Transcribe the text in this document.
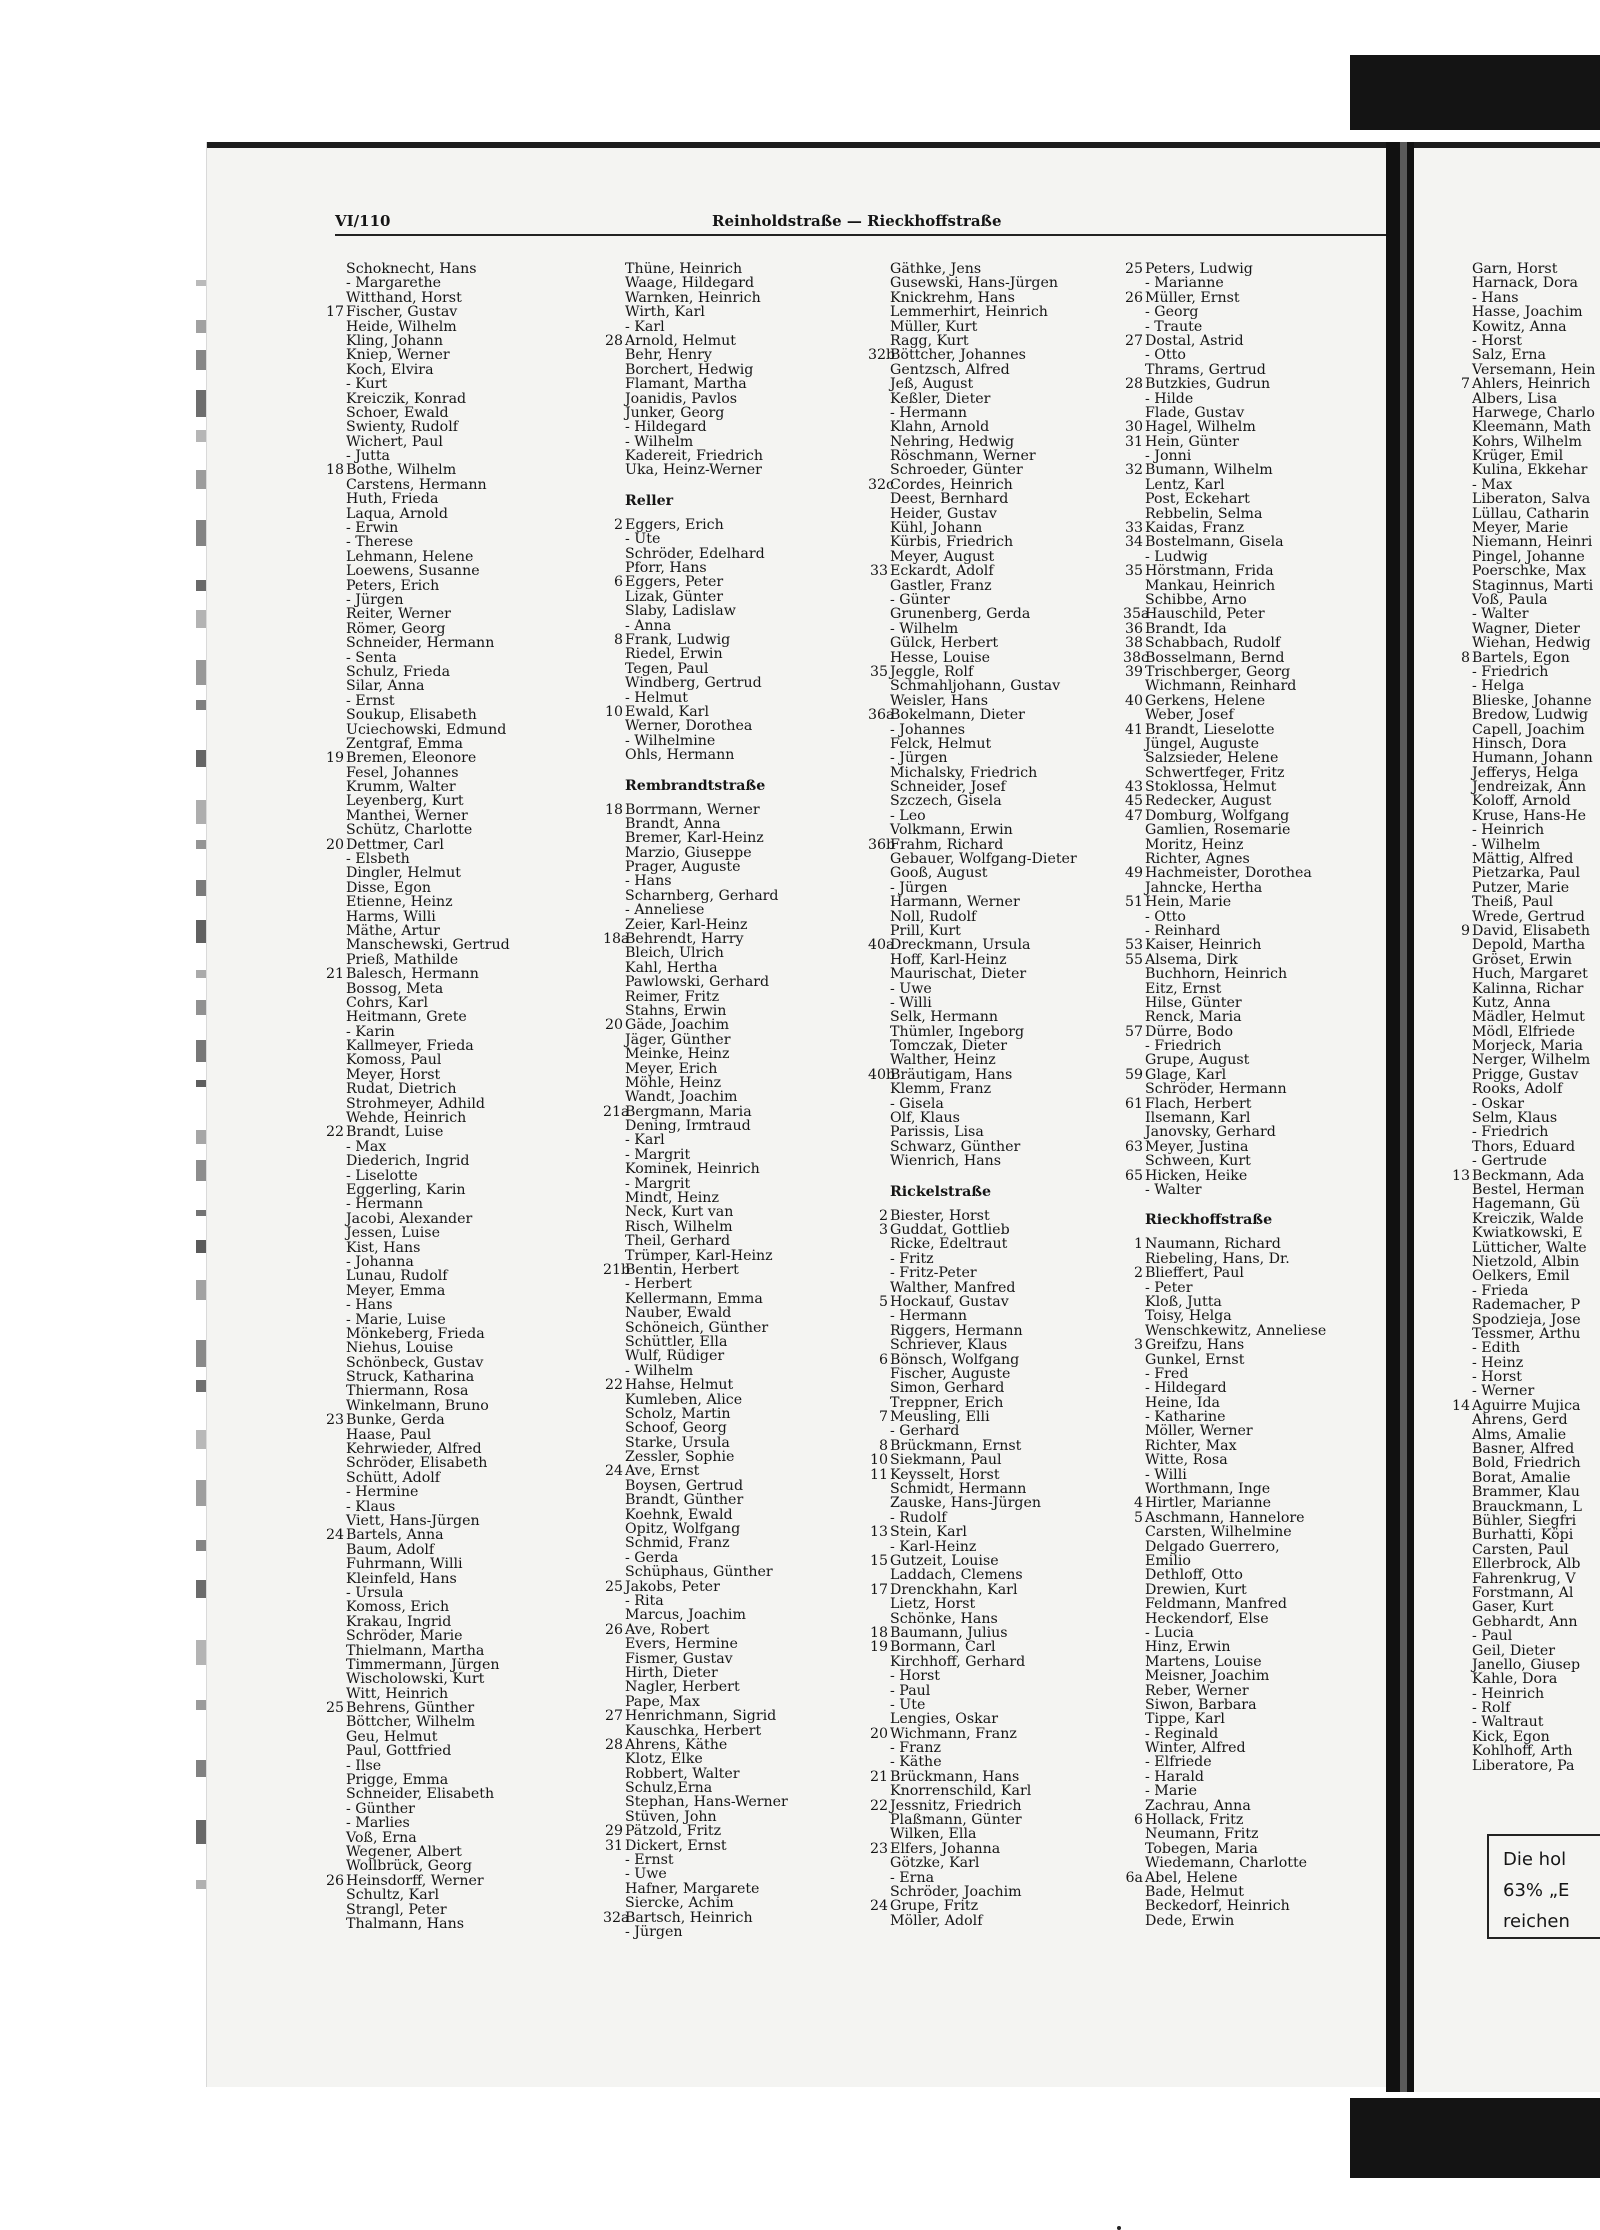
VI/110	Reinholdstraße — Rieckhoffstraße
Schoknecht, Hans
- Margarethe
Witthand, Horst
17 Fischer, Gustav
Heide, Wilhelm
Kling, Johann
Kniep, Werner
Koch, Elvira
- Kurt
Kreiczik, Konrad
Schoer, Ewald
Swienty, Rudolf
Wichert, Paul
- Jutta
18 Bothe, Wilhelm
Carstens, Hermann
Huth, Frieda
Laqua, Arnold
- Erwin
- Therese
Lehmann, Helene
Loewens, Susanne
Peters, Erich
- Jürgen
Reiter, Werner
Römer, Georg
Schneider, Hermann
- Senta
Schulz, Frieda
Silar, Anna
- Ernst
Soukup, Elisabeth
Uciechowski, Edmund
Zentgraf, Emma
19 Bremen, Eleonore
Fesel, Johannes
Krumm, Walter
Leyenberg, Kurt
Manthei, Werner
Schütz, Charlotte
20 Dettmer, Carl
- Elsbeth
Dingler, Helmut
Disse, Egon
Etienne, Heinz
Harms, Willi
Mäthe, Artur
Manschewski, Gertrud
Prieß, Mathilde
21 Balesch, Hermann
Bossog, Meta
Cohrs, Karl
Heitmann, Grete
- Karin
Kallmeyer, Frieda
Komoss, Paul
Meyer, Horst
Rudat, Dietrich
Strohmeyer, Adhild
Wehde, Heinrich
22 Brandt, Luise
- Max
Diederich, Ingrid
- Liselotte
Eggerling, Karin
- Hermann
Jacobi, Alexander
Jessen, Luise
Kist, Hans
- Johanna
Lunau, Rudolf
Meyer, Emma
- Hans
- Marie, Luise
Mönkeberg, Frieda
Niehus, Louise
Schönbeck, Gustav
Struck, Katharina
Thiermann, Rosa
Winkelmann, Bruno
23 Bunke, Gerda
Haase, Paul
Kehrwieder, Alfred
Schröder, Elisabeth
Schütt, Adolf
- Hermine
- Klaus
Viett, Hans-Jürgen
24 Bartels, Anna
Baum, Adolf
Fuhrmann, Willi
Kleinfeld, Hans
- Ursula
Komoss, Erich
Krakau, Ingrid
Schröder, Marie
Thielmann, Martha
Timmermann, Jürgen
Wischolowski, Kurt
Witt, Heinrich
25 Behrens, Günther
Böttcher, Wilhelm
Geu, Helmut
Paul, Gottfried
- Ilse
Prigge, Emma
Schneider, Elisabeth
- Günther
- Marlies
Voß, Erna
Wegener, Albert
Wollbrück, Georg
26 Heinsdorff, Werner
Schultz, Karl
Strangl, Peter
Thalmann, Hans
Thüne, Heinrich
Waage, Hildegard
Warnken, Heinrich
Wirth, Karl
- Karl
28 Arnold, Helmut
Behr, Henry
Borchert, Hedwig
Flamant, Martha
Joanidis, Pavlos
Junker, Georg
- Hildegard
- Wilhelm
Kadereit, Friedrich
Uka, Heinz-Werner
Reller
2 Eggers, Erich
- Ute
Schröder, Edelhard
Pforr, Hans
6 Eggers, Peter
Lizak, Günter
Slaby, Ladislaw
- Anna
8 Frank, Ludwig
Riedel, Erwin
Tegen, Paul
Windberg, Gertrud
- Helmut
10 Ewald, Karl
Werner, Dorothea
- Wilhelmine
Ohls, Hermann
Rembrandtstraße
18 Borrmann, Werner
Brandt, Anna
Bremer, Karl-Heinz
Marzio, Giuseppe
Prager, Auguste
- Hans
Scharnberg, Gerhard
- Anneliese
Zeier, Karl-Heinz
18a
Behrendt, Harry
Bleich, Ulrich
Kahl, Hertha
Pawlowski, Gerhard
Reimer, Fritz
Stahns, Erwin
20 Gäde, Joachim
Jäger, Günther
Meinke, Heinz
Meyer, Erich
Möhle, Heinz
Wandt, Joachim
21a
Bergmann, Maria
Dening, Irmtraud
- Karl
- Margrit
Kominek, Heinrich
- Margrit
Mindt, Heinz
Neck, Kurt van
Risch, Wilhelm
Theil, Gerhard
Trümper, Karl-Heinz
21b
Bentin, Herbert
- Herbert
Kellermann, Emma
Nauber, Ewald
Schöneich, Günther
Schüttler, Ella
Wulf, Rüdiger
- Wilhelm
22 Hahse, Helmut
Kumleben, Alice
Scholz, Martin
Schoof, Georg
Starke, Ursula
Zessler, Sophie
24 Ave, Ernst
Boysen, Gertrud
Brandt, Günther
Koehnk, Ewald
Opitz, Wolfgang
Schmid, Franz
- Gerda
Schüphaus, Günther
25 Jakobs, Peter
- Rita
Marcus, Joachim
26 Ave, Robert
Evers, Hermine
Fismer, Gustav
Hirth, Dieter
Nagler, Herbert
Pape, Max
27 Henrichmann, Sigrid
Kauschka, Herbert
28 Ahrens, Käthe
Klotz, Elke
Robbert, Walter
Schulz,Erna
Stephan, Hans-Werner
Stüven, John
29 Pätzold, Fritz
31 Dickert, Ernst
- Ernst
- Uwe
Hafner, Margarete
Siercke, Achim
32a
Bartsch, Heinrich
- Jürgen
Gäthke, Jens
Gusewski, Hans-Jürgen
Knickrehm, Hans
Lemmerhirt, Heinrich
Müller, Kurt
Ragg, Kurt
32b
Böttcher, Johannes
Gentzsch, Alfred
Jeß, August
Keßler, Dieter
- Hermann
Klahn, Arnold
Nehring, Hedwig
Röschmann, Werner
Schroeder, Günter
32c
Cordes, Heinrich
Deest, Bernhard
Heider, Gustav
Kühl, Johann
Kürbis, Friedrich
Meyer, August
33 Eckardt, Adolf
Gastler, Franz
- Günter
Grunenberg, Gerda
- Wilhelm
Gülck, Herbert
Hesse, Louise
35 Jeggle, Rolf
Schmahljohann, Gustav
Weisler, Hans
36a
Bokelmann, Dieter
- Johannes
Felck, Helmut
- Jürgen
Michalsky, Friedrich
Schneider, Josef
Szczech, Gisela
- Leo
Volkmann, Erwin
36b
Frahm, Richard
Gebauer, Wolfgang-Dieter
Gooß, August
- Jürgen
Harmann, Werner
Noll, Rudolf
Prill, Kurt
40a
Dreckmann, Ursula
Hoff, Karl-Heinz
Maurischat, Dieter
- Uwe
- Willi
Selk, Hermann
Thümler, Ingeborg
Tomczak, Dieter
Walther, Heinz
40b
Bräutigam, Hans
Klemm, Franz
- Gisela
Olf, Klaus
Parissis, Lisa
Schwarz, Günther
Wienrich, Hans
Rickelstraße
2 Biester, Horst
3 Guddat, Gottlieb
Ricke, Edeltraut
- Fritz
- Fritz-Peter
Walther, Manfred
5 Hockauf, Gustav
- Hermann
Riggers, Hermann
Schriever, Klaus
6 Bönsch, Wolfgang
Fischer, Auguste
Simon, Gerhard
Treppner, Erich
7 Meusling, Elli
- Gerhard
8 Brückmann, Ernst
10 Siekmann, Paul
11 Keysselt, Horst
Schmidt, Hermann
Zauske, Hans-Jürgen
- Rudolf
13 Stein, Karl
- Karl-Heinz
15 Gutzeit, Louise
Laddach, Clemens
17 Drenckhahn, Karl
Lietz, Horst
Schönke, Hans
18 Baumann, Julius
19 Bormann, Carl
Kirchhoff, Gerhard
- Horst
- Paul
- Ute
Lengies, Oskar
20 Wichmann, Franz
- Franz
- Käthe
21 Brückmann, Hans
Knorrenschild, Karl
22 Jessnitz, Friedrich
Plaßmann, Günter
Wilken, Ella
23 Elfers, Johanna
Götzke, Karl
- Erna
Schröder, Joachim
24 Grupe, Fritz
Möller, Adolf
25 Peters, Ludwig
- Marianne
26 Müller, Ernst
- Georg
- Traute
27 Dostal, Astrid
- Otto
Thrams, Gertrud
28 Butzkies, Gudrun
- Hilde
Flade, Gustav
30 Hagel, Wilhelm
31 Hein, Günter
- Jonni
32 Bumann, Wilhelm
Lentz, Karl
Post, Eckehart
Rebbelin, Selma
33 Kaidas, Franz
34 Bostelmann, Gisela
- Ludwig
35 Hörstmann, Frida
Mankau, Heinrich
Schibbe, Arno
35a
Hauschild, Peter
36 Brandt, Ida
38 Schabbach, Rudolf
38c
Bosselmann, Bernd
39 Trischberger, Georg
Wichmann, Reinhard
40 Gerkens, Helene
Weber, Josef
41 Brandt, Lieselotte
Jüngel, Auguste
Salzsieder, Helene
Schwertfeger, Fritz
43 Stoklossa, Helmut
45 Redecker, August
47 Domburg, Wolfgang
Gamlien, Rosemarie
Moritz, Heinz
Richter, Agnes
49 Hachmeister, Dorothea
Jahncke, Hertha
51 Hein, Marie
- Otto
- Reinhard
53 Kaiser, Heinrich
55 Alsema, Dirk
Buchhorn, Heinrich
Eitz, Ernst
Hilse, Günter
Renck, Maria
57 Dürre, Bodo
- Friedrich
Grupe, August
59 Glage, Karl
Schröder, Hermann
61 Flach, Herbert
Ilsemann, Karl
Janovsky, Gerhard
63 Meyer, Justina
Schween, Kurt
65 Hicken, Heike
- Walter
Rieckhoffstraße
1 Naumann, Richard
Riebeling, Hans, Dr.
2 Blieffert, Paul
- Peter
Kloß, Jutta
Toisy, Helga
Wenschkewitz, Anneliese
3 Greifzu, Hans
Gunkel, Ernst
- Fred
- Hildegard
Heine, Ida
- Katharine
Möller, Werner
Richter, Max
Witte, Rosa
- Willi
Worthmann, Inge
4 Hirtler, Marianne
5 Aschmann, Hannelore
Carsten, Wilhelmine
Delgado Guerrero,
Emilio
Dethloff, Otto
Drewien, Kurt
Feldmann, Manfred
Heckendorf, Else
- Lucia
Hinz, Erwin
Martens, Louise
Meisner, Joachim
Reber, Werner
Siwon, Barbara
Tippe, Karl
- Reginald
Winter, Alfred
- Elfriede
- Harald
- Marie
Zachrau, Anna
6 Hollack, Fritz
Neumann, Fritz
Tobegen, Maria
Wiedemann, Charlotte
6a Abel, Helene
Bade, Helmut
Beckedorf, Heinrich
Dede, Erwin
Garn, Horst
Harnack, Dora
- Hans
Hasse, Joachim
Kowitz, Anna
- Horst
Salz, Erna
Versemann, Hein
7 Ahlers, Heinrich
Albers, Lisa
Harwege, Charlo
Kleemann, Math
Kohrs, Wilhelm
Krüger, Emil
Kulina, Ekkehar
- Max
Liberaton, Salva
Lüllau, Catharin
Meyer, Marie
Niemann, Heinri
Pingel, Johanne
Poerschke, Max
Staginnus, Marti
Voß, Paula
- Walter
Wagner, Dieter
Wiehan, Hedwig
8 Bartels, Egon
- Friedrich
- Helga
Blieske, Johanne
Bredow, Ludwig
Capell, Joachim
Hinsch, Dora
Humann, Johann
Jefferys, Helga
Jendreizak, Ann
Koloff, Arnold
Kruse, Hans-He
- Heinrich
- Wilhelm
Mättig, Alfred
Pietzarka, Paul
Putzer, Marie
Theiß, Paul
Wrede, Gertrud
9 David, Elisabeth
Depold, Martha
Gröset, Erwin
Huch, Margaret
Kalinna, Richar
Kutz, Anna
Mädler, Helmut
Mödl, Elfriede
Morjeck, Maria
Nerger, Wilhelm
Prigge, Gustav
Rooks, Adolf
- Oskar
Selm, Klaus
- Friedrich
Thors, Eduard
- Gertrude
13 Beckmann, Ada
Bestel, Herman
Hagemann, Gü
Kreiczik, Walde
Kwiatkowski, E
Lütticher, Walte
Nietzold, Albin
Oelkers, Emil
- Frieda
Rademacher, P
Spodzieja, Jose
Tessmer, Arthu
- Edith
- Heinz
- Horst
- Werner
14 Aguirre Mujica
Ahrens, Gerd
Alms, Amalie
Basner, Alfred
Bold, Friedrich
Borat, Amalie
Brammer, Klau
Brauckmann, L
Bühler, Siegfri
Burhatti, Köpi
Carsten, Paul
Ellerbrock, Alb
Fahrenkrug, V
Forstmann, Al
Gaser, Kurt
Gebhardt, Ann
- Paul
Geil, Dieter
Janello, Giusep
Kahle, Dora
- Heinrich
- Rolf
- Waltraut
Kick, Egon
Kohlhoff, Arth
Liberatore, Pa
Die hol
63% „E
reichen
